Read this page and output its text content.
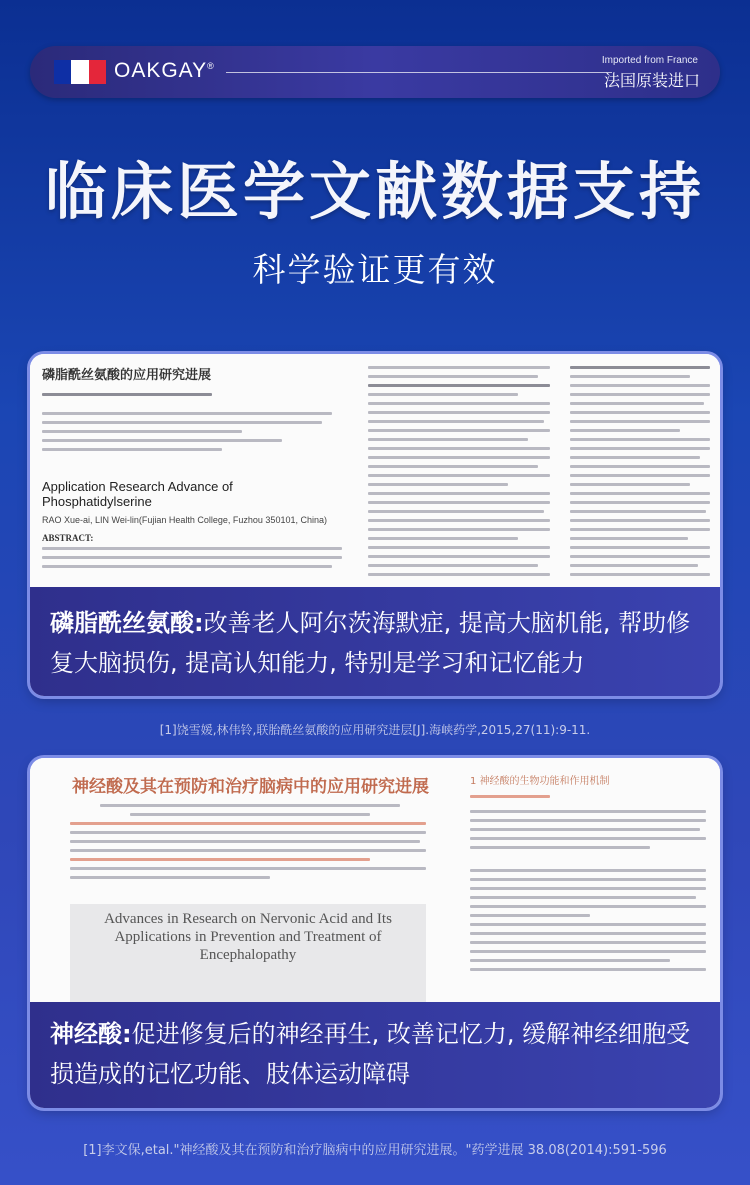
OAKGAY®	Imported from France
法国原装进口
临床医学文献数据支持
科学验证更有效
磷脂酰丝氨酸的应用研究进展
Application Research Advance of Phosphatidylserine
RAO Xue-ai, LIN Wei-lin(Fujian Health College, Fuzhou 350101, China)
ABSTRACT:
磷脂酰丝氨酸:改善老人阿尔茨海默症, 提高大脑机能, 帮助修复大脑损伤, 提高认知能力, 特别是学习和记忆能力
[1]饶雪媛,林伟铃,联胎酰丝氨酸的应用研究进层[J].海峡药学,2015,27(11):9-11.
神经酸及其在预防和治疗脑病中的应用研究进展
Advances in Research on Nervonic Acid and Its Applications in Prevention and Treatment of Encephalopathy
1 神经酸的生物功能和作用机制
神经酸:促进修复后的神经再生, 改善记忆力, 缓解神经细胞受损造成的记忆功能、肢体运动障碍
[1]李文保,etal."神经酸及其在预防和治疗脑病中的应用研究进展。"药学进展 38.08(2014):591-596
